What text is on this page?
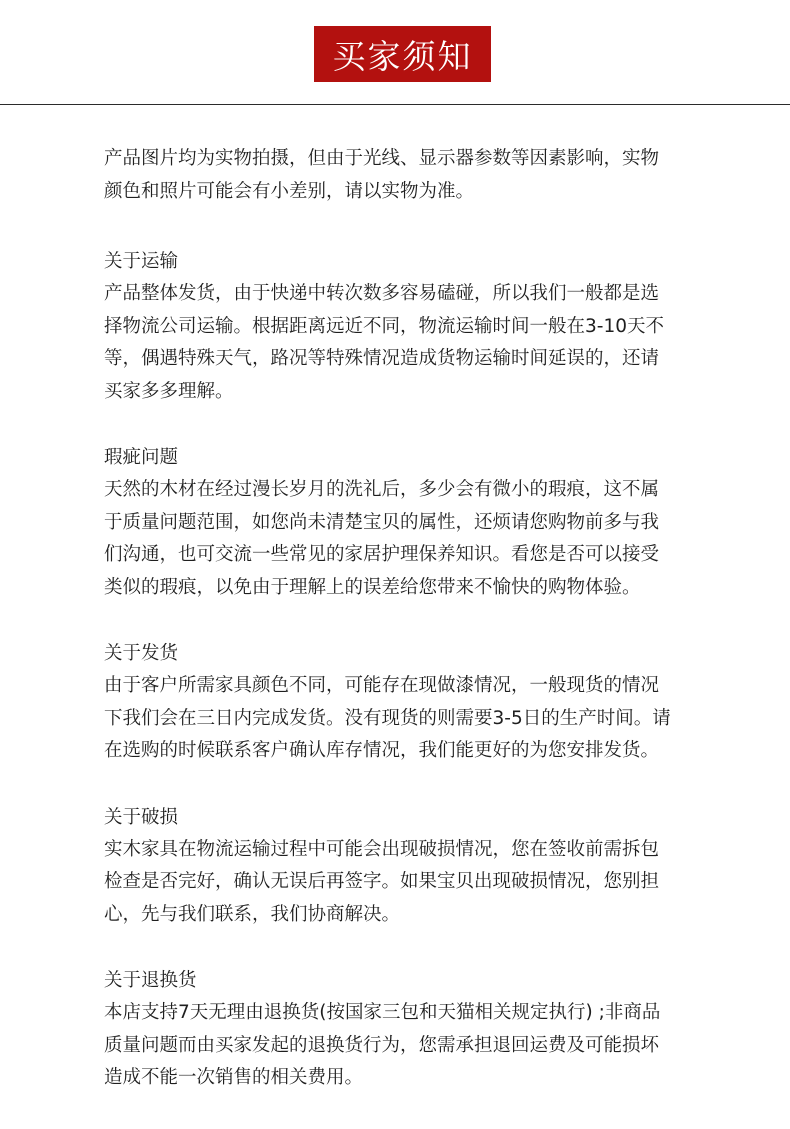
买家须知
产品图片均为实物拍摄，但由于光线、显示器参数等因素影响，实物
颜色和照片可能会有小差别，请以实物为准。
关于运输
产品整体发货，由于快递中转次数多容易磕碰，所以我们一般都是选
择物流公司运输。根据距离远近不同，物流运输时间一般在3-10天不
等，偶遇特殊天气，路况等特殊情况造成货物运输时间延误的，还请
买家多多理解。
瑕疵问题
天然的木材在经过漫长岁月的洗礼后，多少会有微小的瑕痕，这不属
于质量问题范围，如您尚未清楚宝贝的属性，还烦请您购物前多与我
们沟通，也可交流一些常见的家居护理保养知识。看您是否可以接受
类似的瑕痕，以免由于理解上的误差给您带来不愉快的购物体验。
关于发货
由于客户所需家具颜色不同，可能存在现做漆情况，一般现货的情况
下我们会在三日内完成发货。没有现货的则需要3-5日的生产时间。请
在选购的时候联系客户确认库存情况，我们能更好的为您安排发货。
关于破损
实木家具在物流运输过程中可能会出现破损情况，您在签收前需拆包
检查是否完好，确认无误后再签字。如果宝贝出现破损情况，您别担
心，先与我们联系，我们协商解决。
关于退换货
本店支持7天无理由退换货(按国家三包和天猫相关规定执行) ;非商品
质量问题而由买家发起的退换货行为，您需承担退回运费及可能损坏
造成不能一次销售的相关费用。
